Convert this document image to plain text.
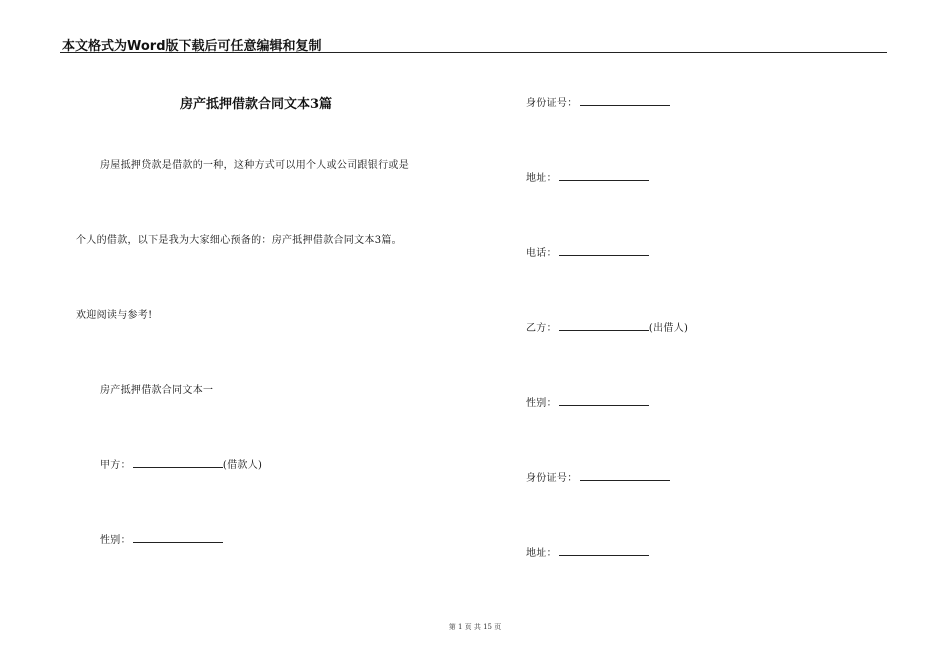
本文格式为Word版下载后可任意编辑和复制
房产抵押借款合同文本3篇
房屋抵押贷款是借款的一种，这种方式可以用个人或公司跟银行或是
个人的借款，以下是我为大家细心预备的：房产抵押借款合同文本3篇。
欢迎阅读与参考!
房产抵押借款合同文本一
甲方：	(借款人)
性别：
身份证号：
地址：
电话：
乙方：	(出借人)
性别：
身份证号：
地址：
第 1 页 共 15 页
